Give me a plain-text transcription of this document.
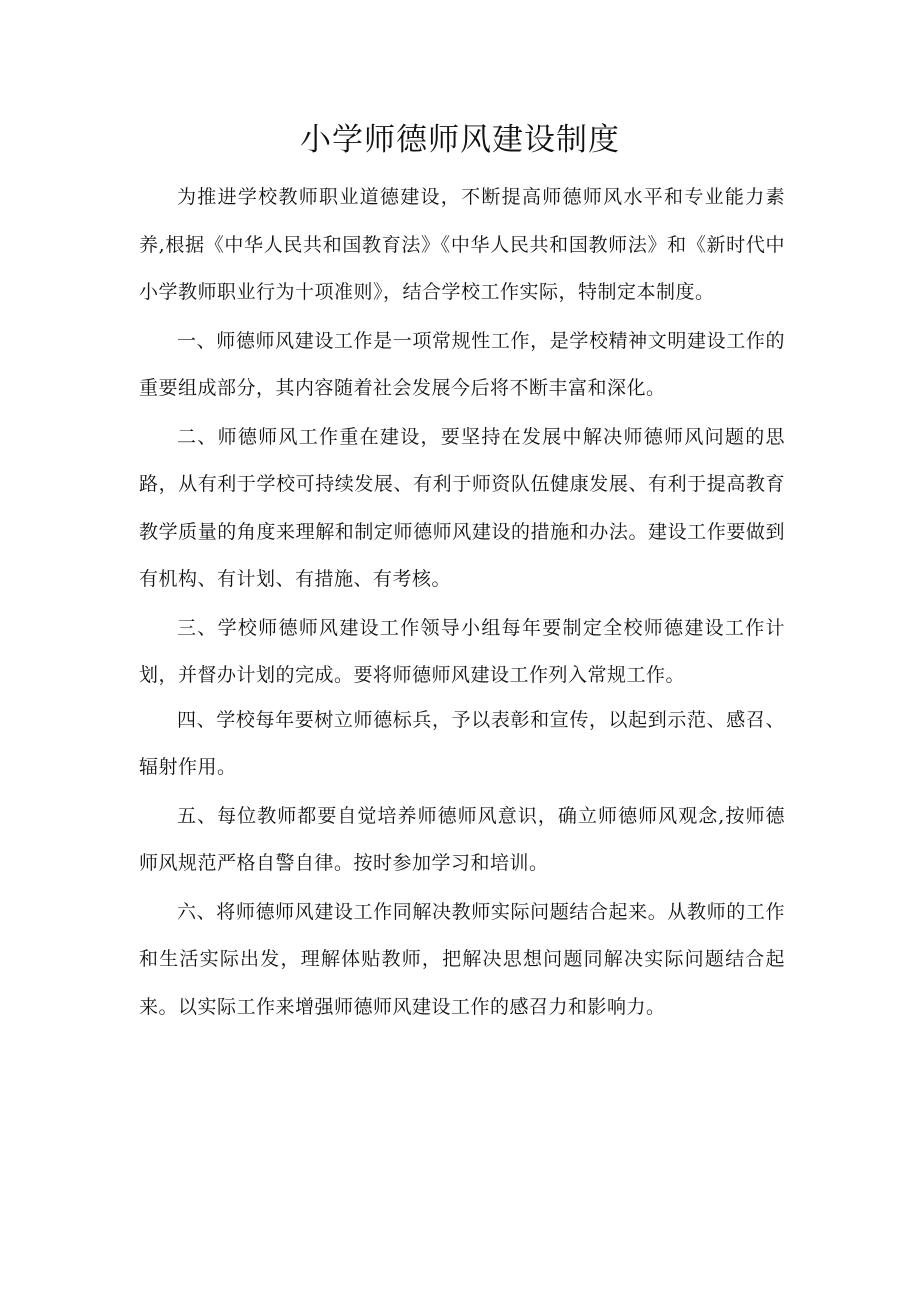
小学师德师风建设制度

为推进学校教师职业道德建设，不断提高师德师风水平和专业能力素养,根据《中华人民共和国教育法》《中华人民共和国教师法》和《新时代中小学教师职业行为十项准则》，结合学校工作实际，特制定本制度。

一、师德师风建设工作是一项常规性工作，是学校精神文明建设工作的重要组成部分，其内容随着社会发展今后将不断丰富和深化。

二、师德师风工作重在建设，要坚持在发展中解决师德师风问题的思路，从有利于学校可持续发展、有利于师资队伍健康发展、有利于提高教育教学质量的角度来理解和制定师德师风建设的措施和办法。建设工作要做到有机构、有计划、有措施、有考核。

三、学校师德师风建设工作领导小组每年要制定全校师德建设工作计划，并督办计划的完成。要将师德师风建设工作列入常规工作。

四、学校每年要树立师德标兵，予以表彰和宣传，以起到示范、感召、辐射作用。

五、每位教师都要自觉培养师德师风意识，确立师德师风观念,按师德师风规范严格自警自律。按时参加学习和培训。

六、将师德师风建设工作同解决教师实际问题结合起来。从教师的工作和生活实际出发，理解体贴教师，把解决思想问题同解决实际问题结合起来。以实际工作来增强师德师风建设工作的感召力和影响力。
